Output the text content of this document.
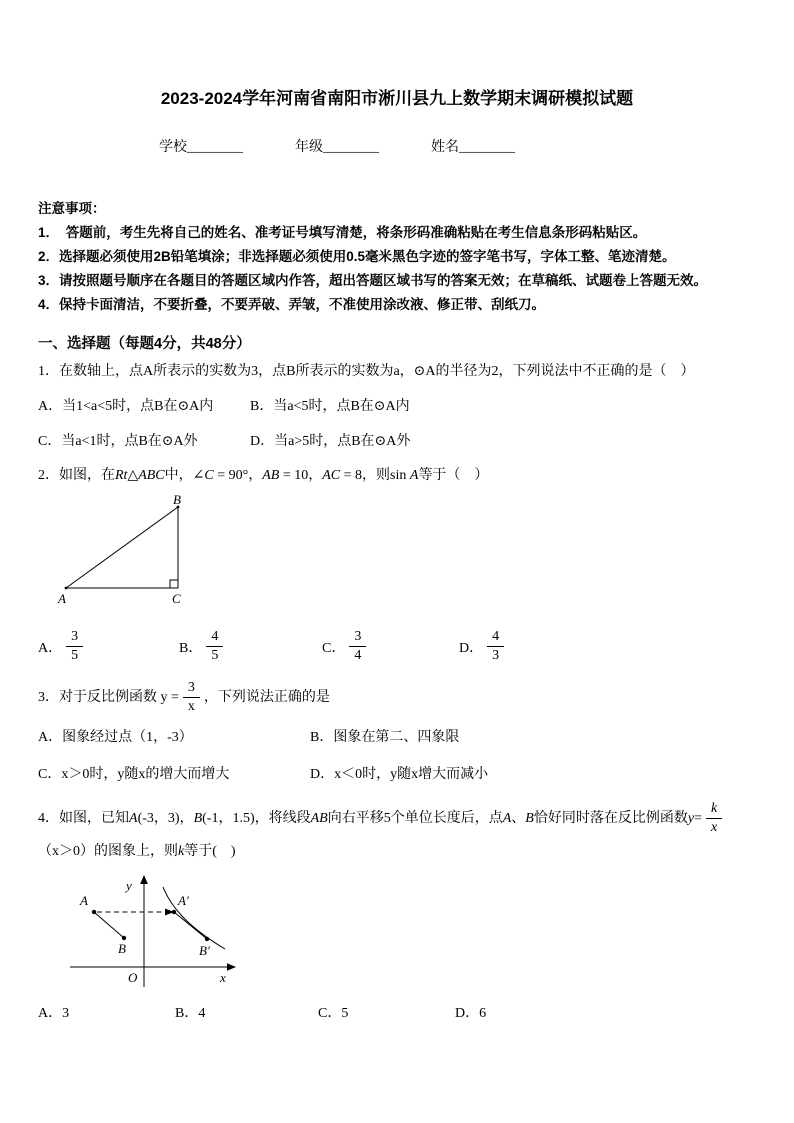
2023-2024学年河南省南阳市淅川县九上数学期末调研模拟试题
学校________	年级________	姓名________
注意事项：
1．　答题前，考生先将自己的姓名、准考证号填写清楚，将条形码准确粘贴在考生信息条形码粘贴区。
2．选择题必须使用2B铅笔填涂；非选择题必须使用0.5毫米黑色字迹的签字笔书写，字体工整、笔迹清楚。
3．请按照题号顺序在各题目的答题区域内作答，超出答题区域书写的答案无效；在草稿纸、试题卷上答题无效。
4．保持卡面清洁，不要折叠，不要弄破、弄皱，不准使用涂改液、修正带、刮纸刀。
一、选择题（每题4分，共48分）
1．在数轴上，点A所表示的实数为3，点B所表示的实数为a，⊙A的半径为2，下列说法中不正确的是（　）
A．当1<a<5时，点B在⊙A内	B．当a<5时，点B在⊙A内
C．当a<1时，点B在⊙A外	D．当a>5时，点B在⊙A外
2．如图，在Rt△ABC中，∠C = 90°，AB = 10，AC = 8，则sin A等于（　）
B
A	C
A． $\frac{3}{5}$	B． $\frac{4}{5}$	C． $\frac{3}{4}$	D． $\frac{4}{3}$
3．对于反比例函数 $y = \frac{3}{x}$ ，下列说法正确的是
A．图象经过点（1，-3）	B．图象在第二、四象限
C．x＞0时，y随x的增大而增大	D．x＜0时，y随x增大而减小
4．如图，已知 A (-3，3)， B (-1，1.5)，将线段 AB 向右平移5个单位长度后，点 A 、 B 恰好同时落在反比例函数 $y = \frac{k}{x}$
（x＞0）的图象上，则k等于(　)
y
x
O
A
B
A′
B′
A．3	B．4	C．5	D．6
